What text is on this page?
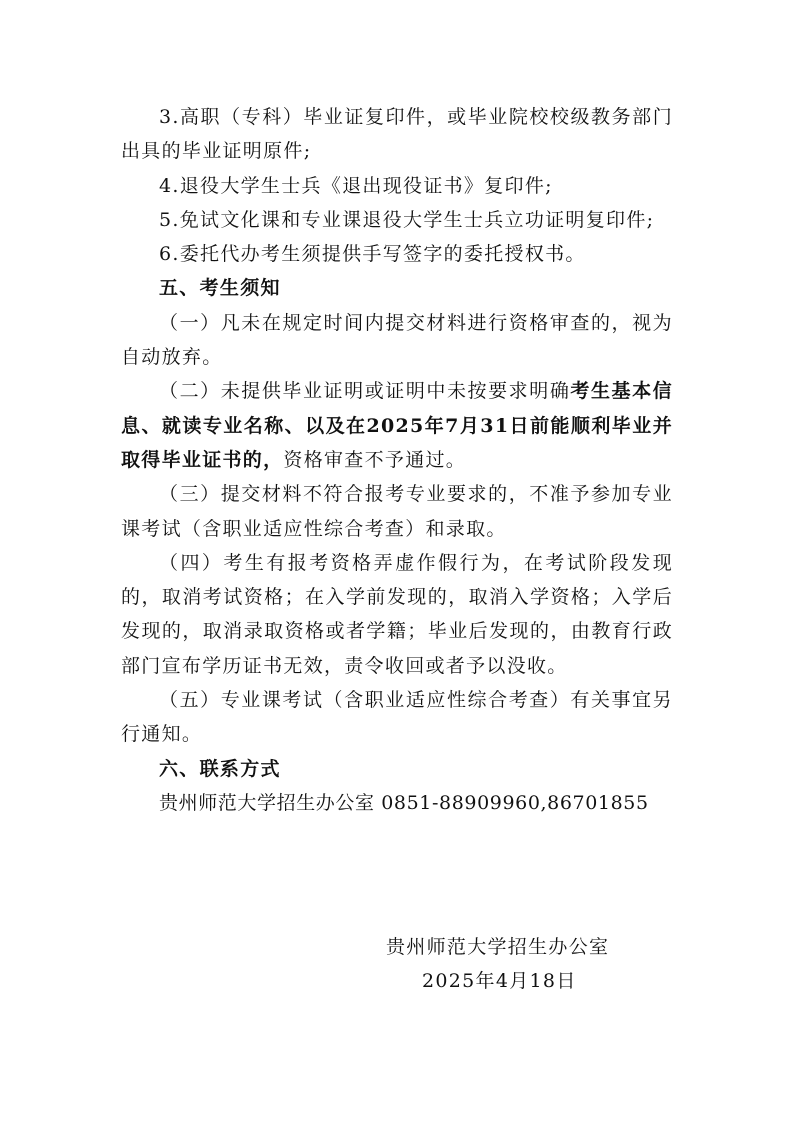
3.高职（专科）毕业证复印件，或毕业院校校级教务部门出具的毕业证明原件;

4.退役大学生士兵《退出现役证书》复印件;

5.免试文化课和专业课退役大学生士兵立功证明复印件;

6.委托代办考生须提供手写签字的委托授权书。

五、考生须知

（一）凡未在规定时间内提交材料进行资格审查的，视为自动放弃。

（二）未提供毕业证明或证明中未按要求明确考生基本信息、就读专业名称、以及在2025年7月31日前能顺利毕业并取得毕业证书的，资格审查不予通过。

（三）提交材料不符合报考专业要求的，不准予参加专业课考试（含职业适应性综合考查）和录取。

（四）考生有报考资格弄虚作假行为，在考试阶段发现的，取消考试资格；在入学前发现的，取消入学资格；入学后发现的，取消录取资格或者学籍；毕业后发现的，由教育行政部门宣布学历证书无效，责令收回或者予以没收。

（五）专业课考试（含职业适应性综合考查）有关事宜另行通知。

六、联系方式

贵州师范大学招生办公室 0851-88909960,86701855

贵州师范大学招生办公室

2025年4月18日
